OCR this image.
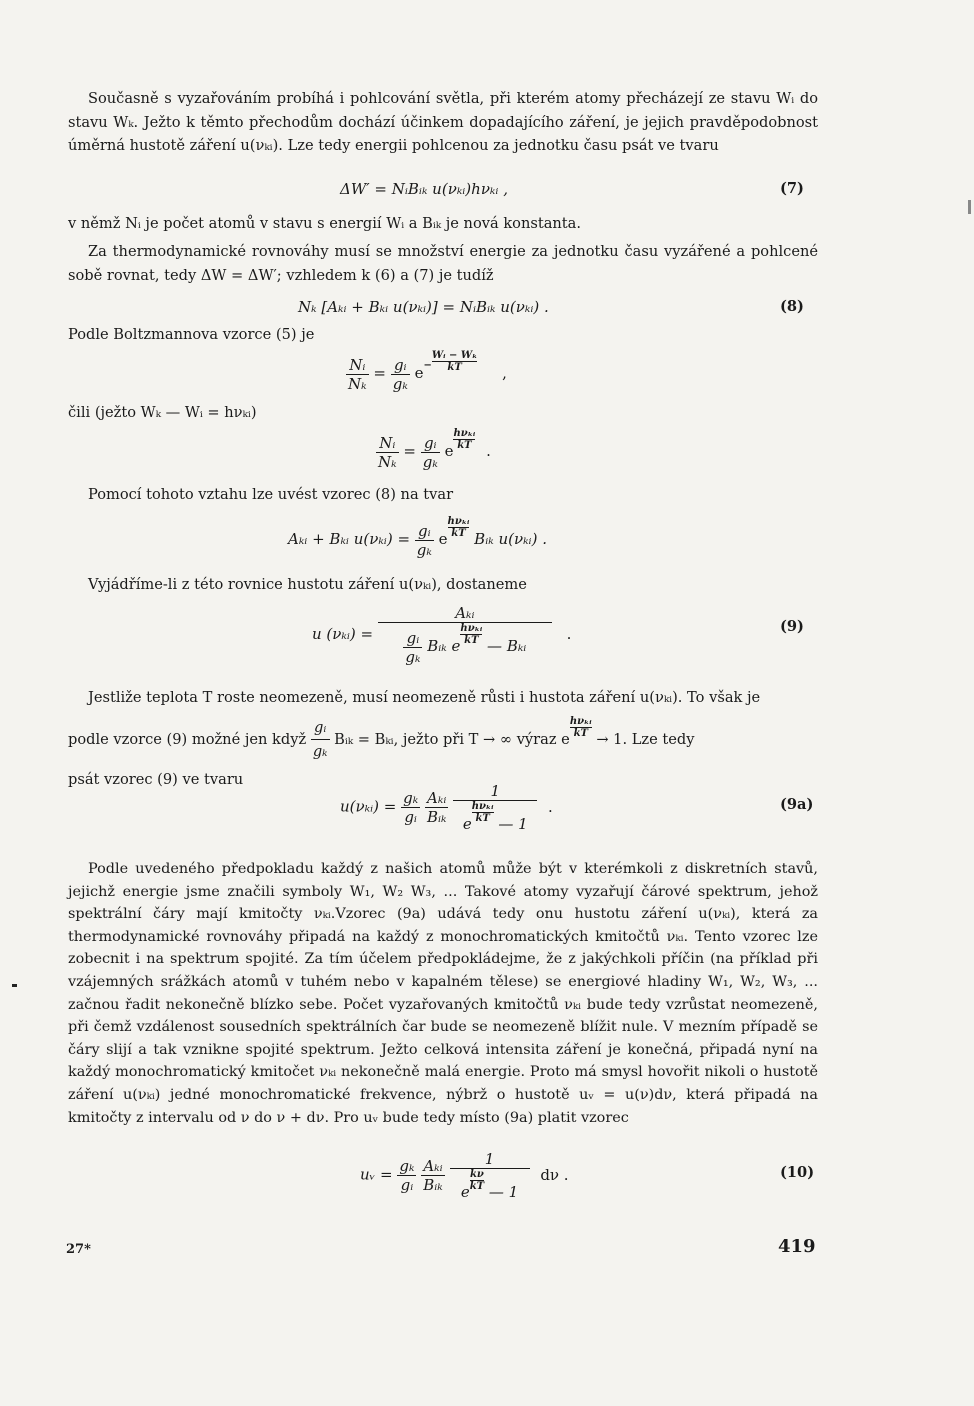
Současně s vyzařováním probíhá i pohlcování světla, při kterém atomy přecházejí ze stavu Wᵢ do stavu Wₖ. Ježto k těmto přechodům dochází účinkem dopadajícího záření, je jejich pravděpodobnost úměrná hustotě záření u(νₖᵢ). Lze tedy energii pohlcenou za jednotku času psát ve tvaru

ΔW′ = NᵢBᵢₖ u(νₖᵢ)hνₖᵢ ,	(7)

v němž Nᵢ je počet atomů v stavu s energií Wᵢ a Bᵢₖ je nová konstanta.

Za thermodynamické rovnováhy musí se množství energie za jednotku času vyzářené a pohlcené sobě rovnat, tedy ΔW = ΔW′; vzhledem k (6) a (7) je tudíž

Nₖ [Aₖᵢ + Bₖᵢ u(νₖᵢ)] = NᵢBᵢₖ u(νₖᵢ) .	(8)
Podle Boltzmannova vzorce (5) je
$\frac{\text{Nᵢ}}{\text{Nₖ}} = \frac{\text{gᵢ}}{\text{gₖ}} e- \frac{\text{Wᵢ − Wₖ}}{kT}$ ,
čili (ježto Wₖ — Wᵢ = hνₖᵢ)
$\frac{\text{Nᵢ}}{\text{Nₖ}} = \frac{\text{gᵢ}}{\text{gₖ}}$ e
hνₖᵢ
kT .
Pomocí tohoto vztahu lze uvést vzorec (8) na tvar
Aₖᵢ + Bₖᵢ u(νₖᵢ) = $\frac{\text{gᵢ}}{\text{gₖ}}$ e
hνₖᵢ
kT Bᵢₖ u(νₖᵢ) .
Vyjádříme-li z této rovnice hustotu záření u(νₖᵢ), dostaneme
u (νₖᵢ) = Aₖᵢ
$\frac{\text{gᵢ}}{\text{gₖ}}$ Bᵢₖ e
hνₖᵢ
kT — Bₖᵢ .	(9)

Jestliže teplota T roste neomezeně, musí neomezeně růsti i hustota záření u(νₖᵢ). To však je

podle vzorce (9) možné jen když $\frac{\text{gᵢ}}{\text{gₖ}}$ Bᵢₖ = Bₖᵢ, ježto při T → ∞ výraz e
hνₖᵢ
kT → 1. Lze tedy

psát vzorec (9) ve tvaru

u(νₖᵢ) = $\frac{\text{gₖ}}{\text{gᵢ}}$
$\frac{\text{Aₖᵢ}}{\text{Bᵢₖ}}$
1
e
hνₖᵢ
kT — 1 .	(9a)

Podle uvedeného předpokladu každý z našich atomů může být v kterémkoli z diskretních stavů, jejichž energie jsme značili symboly W₁, W₂ W₃, ... Takové atomy vyzařují čárové spektrum, jehož spektrální čáry mají kmitočty νₖᵢ.Vzorec (9a) udává tedy onu hustotu záření u(νₖᵢ), která za thermodynamické rovnováhy připadá na každý z monochromatických kmitočtů νₖᵢ. Tento vzorec lze zobecnit i na spektrum spojité. Za tím účelem předpokládejme, že z jakýchkoli příčin (na příklad při vzájemných srážkách atomů v tuhém nebo v kapalném tělese) se energiové hladiny W₁, W₂, W₃, ... začnou řadit nekonečně blízko sebe. Počet vyzařovaných kmitočtů νₖᵢ bude tedy vzrůstat neomezeně, při čemž vzdálenost sousedních spektrálních čar bude se neomezeně blížit nule. V mezním případě se čáry slijí a tak vznikne spojité spektrum. Ježto celková intensita záření je konečná, připadá nyní na každý monochromatický kmitočet νₖᵢ nekonečně malá energie. Proto má smysl hovořit nikoli o hustotě záření u(νₖᵢ) jedné monochromatické frekvence, nýbrž o hustotě uᵥ = u(ν)dν, která připadá na kmitočty z intervalu od ν do ν + dν. Pro uᵥ bude tedy místo (9a) platit vzorec

uᵥ = $\frac{\text{gₖ}}{\text{gᵢ}}$
$\frac{\text{Aₖᵢ}}{\text{Bᵢₖ}}$
$\frac{1}{e \frac{k\nu}{kT} — 1}$ dν .	(10)
27*	419
